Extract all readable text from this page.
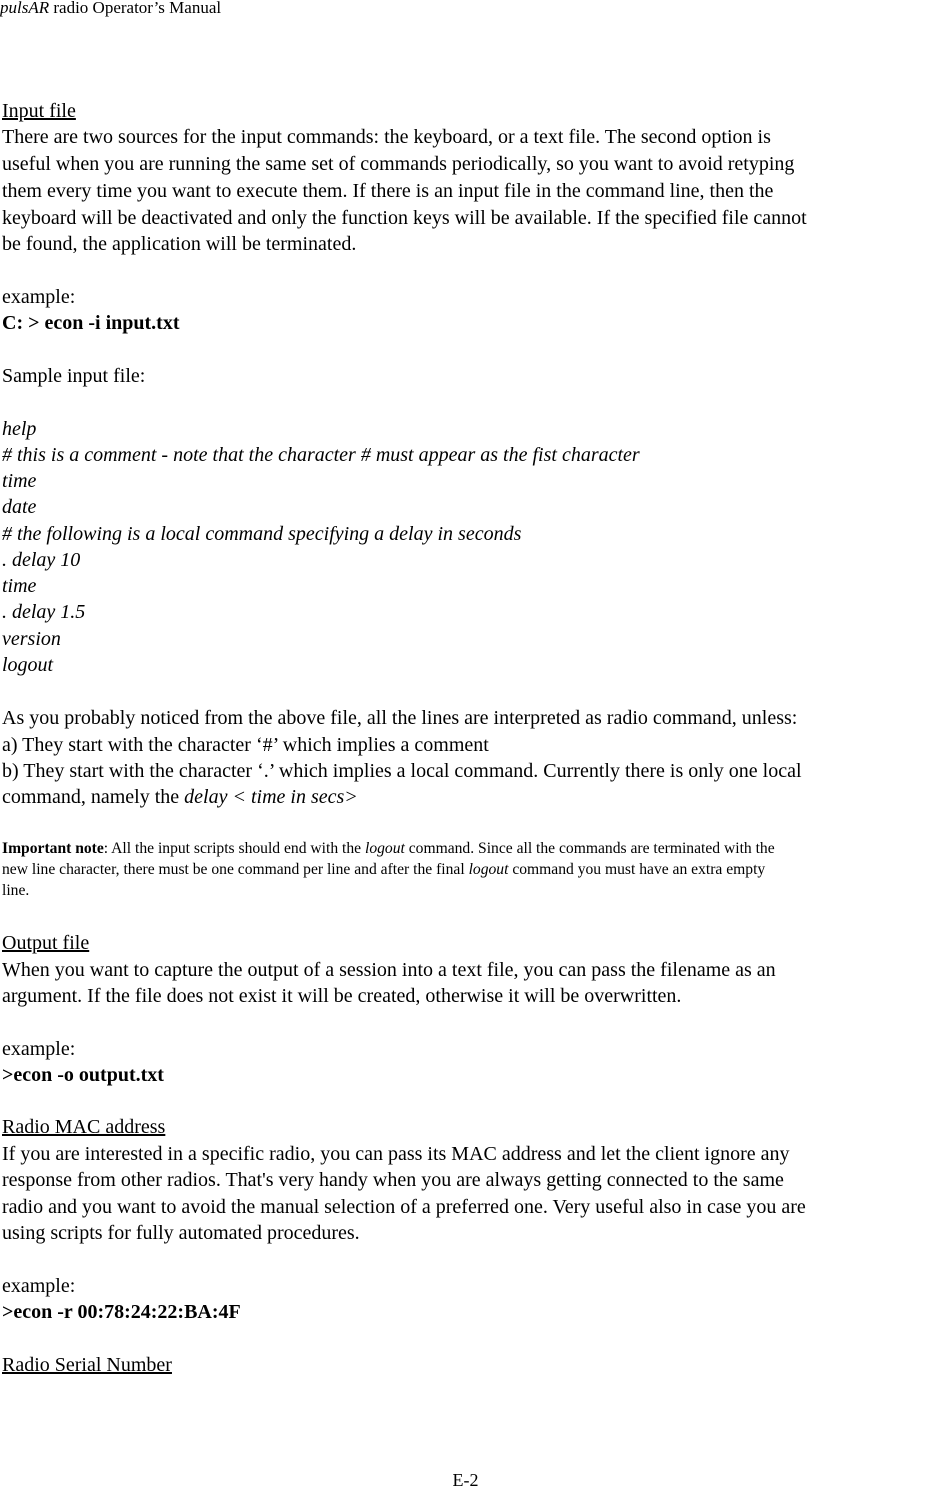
pulsAR radio Operator’s Manual
Input file
There are two sources for the input commands: the keyboard, or a text file. The second option is
useful when you are running the same set of commands periodically, so you want to avoid retyping
them every time you want to execute them. If there is an input file in the command line, then the
keyboard will be deactivated and only the function keys will be available. If the specified file cannot
be found, the application will be terminated.
example:
C: > econ -i input.txt
Sample input file:
help
# this is a comment - note that the character # must appear as the fist character
time
date
# the following is a local command specifying a delay in seconds
. delay 10
time
. delay 1.5
version
logout
As you probably noticed from the above file, all the lines are interpreted as radio command, unless:
a) They start with the character ‘#’ which implies a comment
b) They start with the character ‘.’ which implies a local command. Currently there is only one local
command, namely the delay < time in secs>
Important note: All the input scripts should end with the logout command. Since all the commands are terminated with the
new line character, there must be one command per line and after the final logout command you must have an extra empty
line.
Output file
When you want to capture the output of a session into a text file, you can pass the filename as an
argument. If the file does not exist it will be created, otherwise it will be overwritten.
example:
>econ -o output.txt
Radio MAC address
If you are interested in a specific radio, you can pass its MAC address and let the client ignore any
response from other radios. That's very handy when you are always getting connected to the same
radio and you want to avoid the manual selection of a preferred one. Very useful also in case you are
using scripts for fully automated procedures.
example:
>econ -r 00:78:24:22:BA:4F
Radio Serial Number
E-2
